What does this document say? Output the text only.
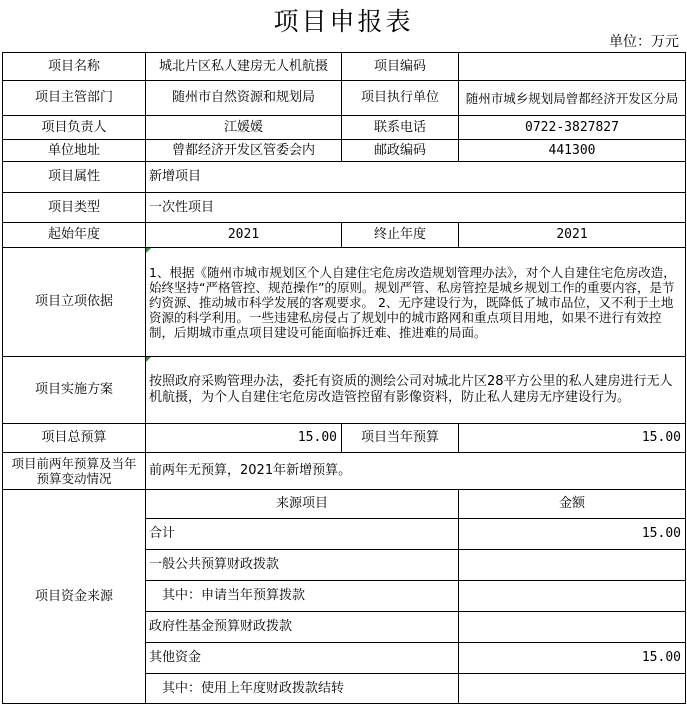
项目申报表
单位：万元
项目名称	城北片区私人建房无人机航摄	项目编码	
项目主管部门	随州市自然资源和规划局	项目执行单位	随州市城乡规划局曾都经济开发区分局
项目负责人	江媛媛	联系电话	0722-3827827
单位地址	曾都经济开发区管委会内	邮政编码	441300
项目属性	新增项目		
项目类型	一次性项目		
起始年度	2021	终止年度	2021
项目立项依据	1、根据《随州市城市规划区个人自建住宅危房改造规划管理办法》，对个人自建住宅危房改造，始终坚持“严格管控、规范操作”的原则。规划严管、私房管控是城乡规划工作的重要内容，是节约资源、推动城市科学发展的客观要求。 2、无序建设行为，既降低了城市品位，又不利于土地资源的科学利用。一些违建私房侵占了规划中的城市路网和重点项目用地，如果不进行有效控制，后期城市重点项目建设可能面临拆迁难、推进难的局面。		
项目实施方案	按照政府采购管理办法，委托有资质的测绘公司对城北片区28平方公里的私人建房进行无人机航摄，为个人自建住宅危房改造管控留有影像资料，防止私人建房无序建设行为。		
项目总预算	15.00	项目当年预算	15.00
项目前两年预算及当年预算变动情况	前两年无预算，2021年新增预算。		
项目资金来源	来源项目		金额
	合计		15.00
	一般公共预算财政拨款		
	其中：申请当年预算拨款		
	政府性基金预算财政拨款		
	其他资金		15.00
	其中：使用上年度财政拨款结转		
